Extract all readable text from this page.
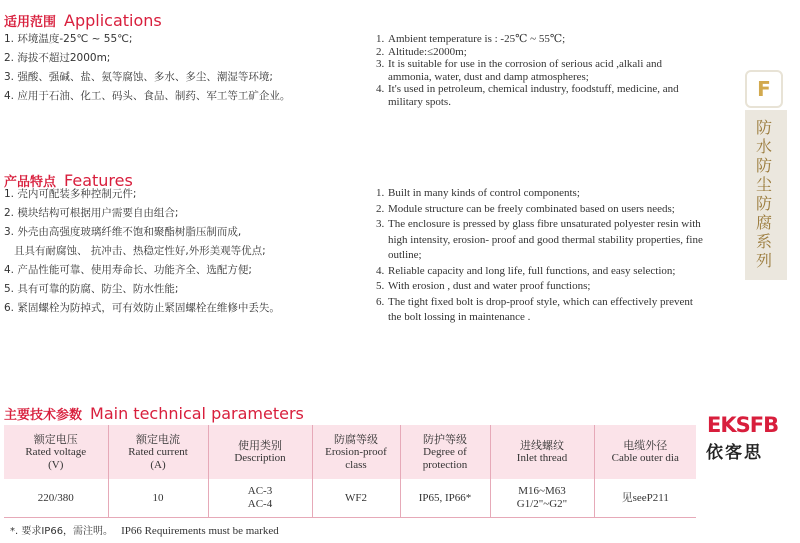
适用范围 Applications
1. 环境温度-25℃ ~ 55℃;
2. 海拔不超过2000m;
3. 强酸、强碱、盐、氨等腐蚀、多水、多尘、潮湿等环境;
4. 应用于石油、化工、码头、食品、制药、军工等工矿企业。
1. Ambient temperature is : -25℃ ~ 55℃;
2. Altitude:≤2000m;
3. It is suitable for use in the corrosion of serious acid ,alkali and ammonia, water, dust and damp atmospheres;
4. It's used in petroleum, chemical industry, foodstuff, medicine, and military spots.
产品特点 Features
1. 壳内可配装多种控制元件;
2. 模块结构可根据用户需要自由组合;
3. 外壳由高强度玻璃纤维不饱和聚酯树脂压制而成,
且具有耐腐蚀、 抗冲击、热稳定性好,外形美观等优点;
4. 产品性能可靠、使用寿命长、功能齐全、选配方便;
5. 具有可靠的防腐、防尘、防水性能;
6. 紧固螺栓为防掉式，可有效防止紧固螺栓在维修中丢失。
1. Built in many kinds of control components;
2. Module structure can be freely combinated based on users needs;
3. The enclosure is pressed by glass fibre unsaturated polyester resin with high intensity, erosion- proof and good thermal stability properties, fine outline;
4. Reliable capacity and long life, full functions, and easy selection;
5. With erosion , dust and water proof functions;
6. The tight fixed bolt is drop-proof style, which can effectively prevent the bolt lossing in maintenance .
F
防水防尘防腐系列
主要技术参数 Main technical parameters	EKSFB
依客思
额定电压
Rated voltage
(V)	额定电流
Rated current
(A)	使用类别
Description	防腐等级
Erosion-proof
class	防护等级
Degree of
protection	进线螺纹
Inlet thread	电缆外径
Cable outer dia

220/380	10	AC-3
AC-4	WF2	IP65, IP66*	M16~M63
G1/2"~G2"	见seeP211

*. 要求IP66，需注明。 IP66 Requirements must be marked
